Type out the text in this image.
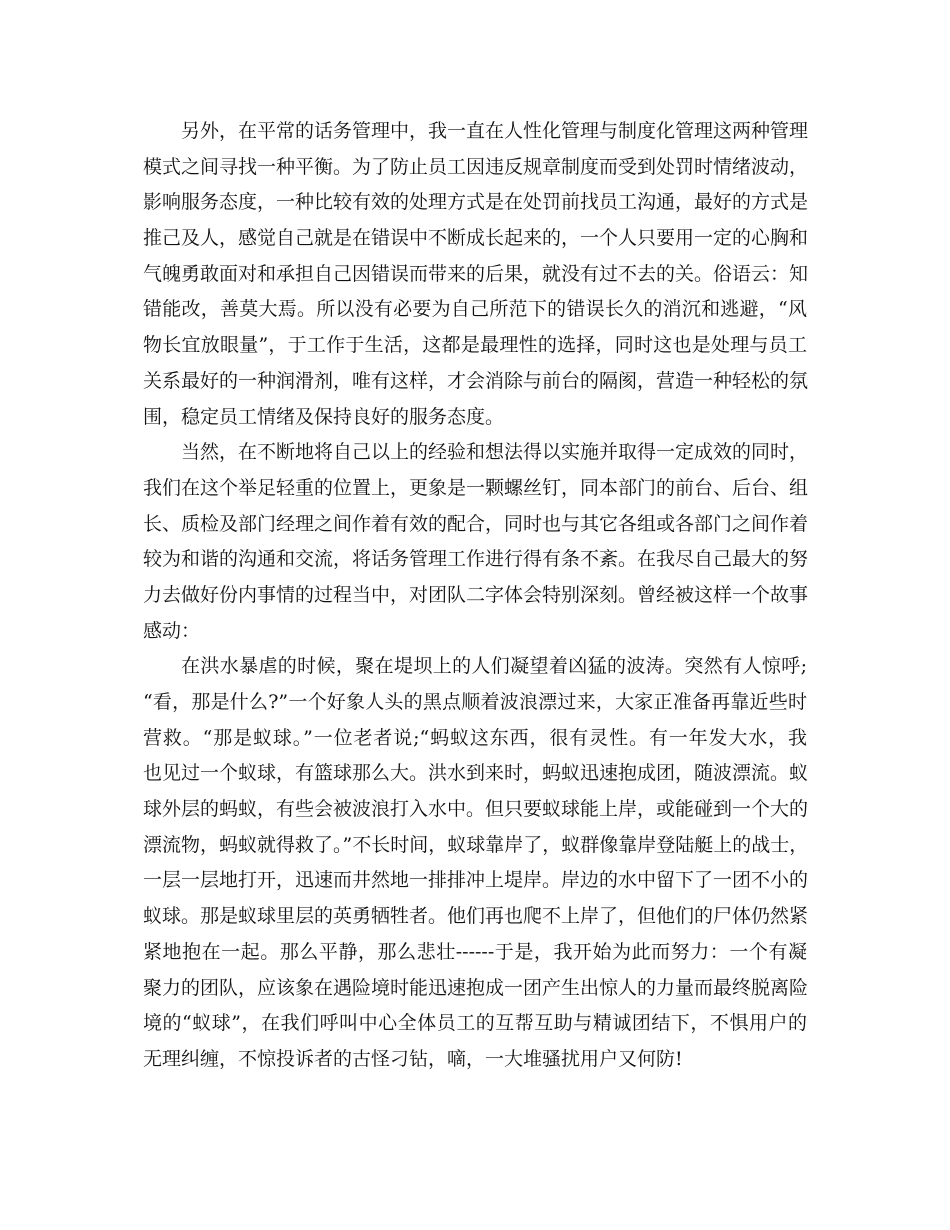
另外，在平常的话务管理中，我一直在人性化管理与制度化管理这两种管理
模式之间寻找一种平衡。为了防止员工因违反规章制度而受到处罚时情绪波动，
影响服务态度，一种比较有效的处理方式是在处罚前找员工沟通，最好的方式是
推己及人，感觉自己就是在错误中不断成长起来的，一个人只要用一定的心胸和
气魄勇敢面对和承担自己因错误而带来的后果，就没有过不去的关。俗语云：知
错能改，善莫大焉。所以没有必要为自己所范下的错误长久的消沉和逃避，“风
物长宜放眼量”，于工作于生活，这都是最理性的选择，同时这也是处理与员工
关系最好的一种润滑剂，唯有这样，才会消除与前台的隔阂，营造一种轻松的氛
围，稳定员工情绪及保持良好的服务态度。
当然，在不断地将自己以上的经验和想法得以实施并取得一定成效的同时，
我们在这个举足轻重的位置上，更象是一颗螺丝钉，同本部门的前台、后台、组
长、质检及部门经理之间作着有效的配合，同时也与其它各组或各部门之间作着
较为和谐的沟通和交流，将话务管理工作进行得有条不紊。在我尽自己最大的努
力去做好份内事情的过程当中，对团队二字体会特别深刻。曾经被这样一个故事
感动：
在洪水暴虐的时候，聚在堤坝上的人们凝望着凶猛的波涛。突然有人惊呼;
“看，那是什么?”一个好象人头的黑点顺着波浪漂过来，大家正准备再靠近些时
营救。“那是蚁球。”一位老者说;“蚂蚁这东西，很有灵性。有一年发大水，我
也见过一个蚁球，有篮球那么大。洪水到来时，蚂蚁迅速抱成团，随波漂流。蚁
球外层的蚂蚁，有些会被波浪打入水中。但只要蚁球能上岸，或能碰到一个大的
漂流物，蚂蚁就得救了。”不长时间，蚁球靠岸了，蚁群像靠岸登陆艇上的战士，
一层一层地打开，迅速而井然地一排排冲上堤岸。岸边的水中留下了一团不小的
蚁球。那是蚁球里层的英勇牺牲者。他们再也爬不上岸了，但他们的尸体仍然紧
紧地抱在一起。那么平静，那么悲壮------于是，我开始为此而努力：一个有凝
聚力的团队，应该象在遇险境时能迅速抱成一团产生出惊人的力量而最终脱离险
境的“蚁球”，在我们呼叫中心全体员工的互帮互助与精诚团结下，不惧用户的
无理纠缠，不惊投诉者的古怪刁钻，嘀，一大堆骚扰用户又何防!
